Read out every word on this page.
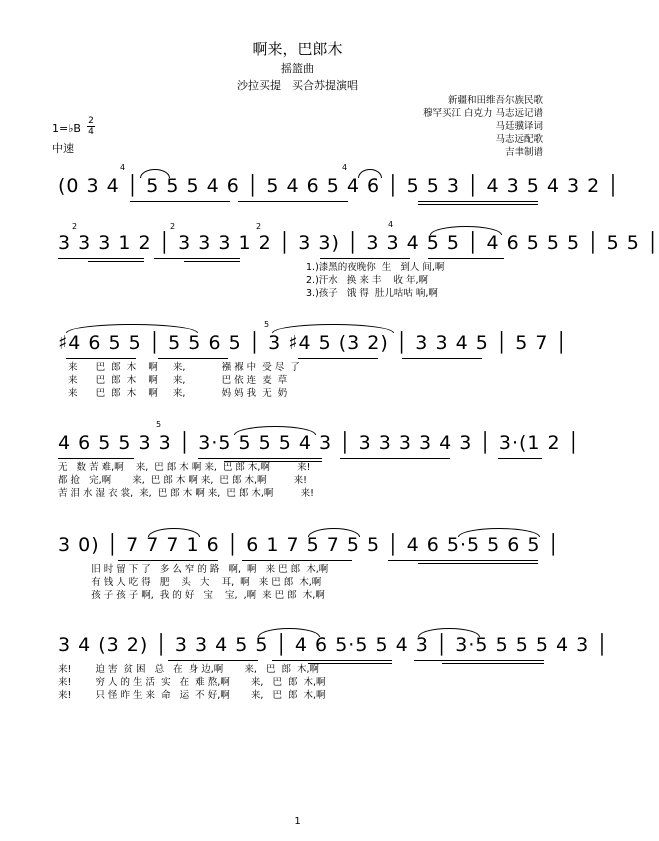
啊来，巴郎木
摇篮曲
沙拉买提　买合苏提演唱
新疆和田维吾尔族民歌
穆罕买江 白克力 马志远记谱
马廷骥译词
马志远配歌
吉聿制谱
1=♭B
2
4
中速
(0 3 4 │ 5 5 5 4 6 │ 5 4 6 5 4 6 │ 5 5 3 │ 4 3 5 4 3 2 │
4	4
3 3 3 1 2 │ 3 3 3 1 2 │ 3 3) │ 3 3 4 5 5 │ 4 6 5 5 5 │ 5 5 │
2	2	2	4
1.)漆黑的夜晚你  生   到人 间,啊
2.)汗水   换 来 丰    收 年,啊
3.)孩子   饿 得  肚儿咕咕 响,啊
♯4 6 5 5 │ 5 5 6 5 │ 3 ♯4 5 (3 2) │ 3 3 4 5 │ 5 7 │
5
来      巴  郎  木    啊     来,            襁 褓 中  受 尽  了
来      巴  郎  木    啊     来,            巴 依 连  麦  草
来      巴  郎  木    啊     来,            妈 妈 我  无  奶
4 6 5 5 3 3 │ 3·5 5 5 5 4 3 │ 3 3 3 3 4 3 │ 3·(1 2 │
5
无   数 苦 难,啊    来,  巴 郎 木 啊 来,  巴 郎 木,啊         来!
都 抢   完,啊       来,  巴 郎 木 啊 来,  巴 郎 木,啊         来!
苦 泪 水 湿 衣 裳,  来,  巴 郎 木 啊 来,  巴 郎 木,啊         来!
3 0) │ 7 7 7 1 6 │ 6 1 7 5 7 5 5 │ 4 6 5·5 5 6 5 │
旧 时 留 下 了   多 么 窄 的 路   啊,  啊   来 巴 郎  木,啊
有 钱 人 吃 得   肥    头   大    耳,  啊   来 巴 郎  木,啊
孩 子 孩 子 啊,  我 的 好   宝    宝,  ,啊  来 巴 郎  木,啊
3 4 (3 2) │ 3 3 4 5 5 │ 4 6 5·5 5 4 3 │ 3·5 5 5 5 4 3 │
来!        迫 害  贫 困   总   在  身 边,啊       来,   巴  郎  木,啊
来!        穷 人 的 生 活  实   在  难 熬,啊       来,   巴  郎  木,啊
来!        只 怪 昨 生 来  命   运  不 好,啊       来,   巴  郎  木,啊
1
